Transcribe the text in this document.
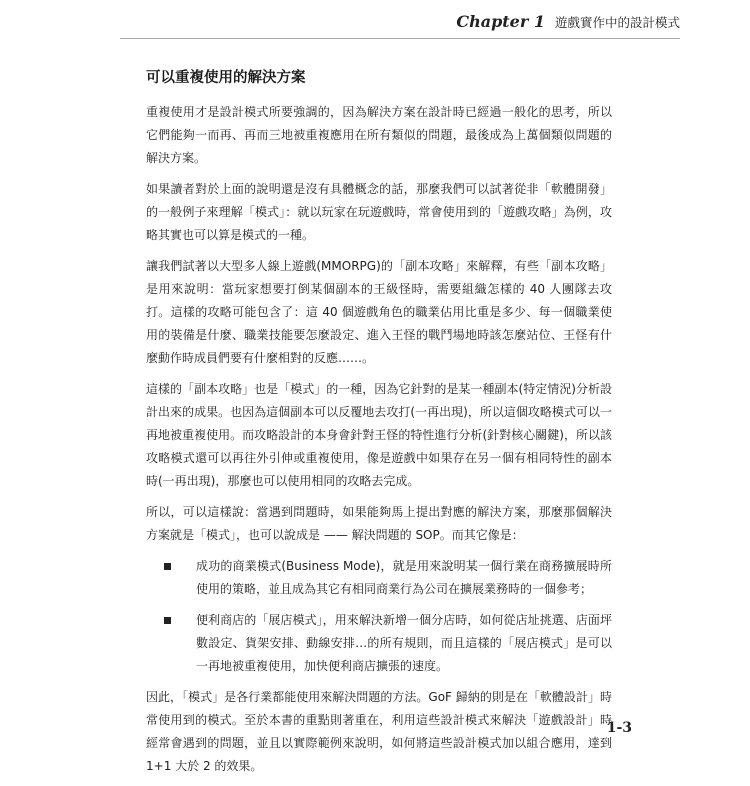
Chapter 1 遊戲實作中的設計模式
可以重複使用的解決方案

重複使用才是設計模式所要強調的，因為解決方案在設計時已經過一般化的思考，所以它們能夠一而再、再而三地被重複應用在所有類似的問題，最後成為上萬個類似問題的解決方案。

如果讀者對於上面的說明還是沒有具體概念的話，那麼我們可以試著從非「軟體開發」的一般例子來理解「模式」：就以玩家在玩遊戲時，常會使用到的「遊戲攻略」為例，攻略其實也可以算是模式的一種。

讓我們試著以大型多人線上遊戲(MMORPG)的「副本攻略」來解釋，有些「副本攻略」是用來說明：當玩家想要打倒某個副本的王級怪時，需要組織怎樣的 40 人團隊去攻打。這樣的攻略可能包含了：這 40 個遊戲角色的職業佔用比重是多少、每一個職業使用的裝備是什麼、職業技能要怎麼設定、進入王怪的戰鬥場地時該怎麼站位、王怪有什麼動作時成員們要有什麼相對的反應……。

這樣的「副本攻略」也是「模式」的一種，因為它針對的是某一種副本(特定情況)分析設計出來的成果。也因為這個副本可以反覆地去攻打(一再出現)，所以這個攻略模式可以一再地被重複使用。而攻略設計的本身會針對王怪的特性進行分析(針對核心關鍵)，所以該攻略模式還可以再往外引伸或重複使用，像是遊戲中如果存在另一個有相同特性的副本時(一再出現)，那麼也可以使用相同的攻略去完成。

所以，可以這樣說：當遇到問題時，如果能夠馬上提出對應的解決方案，那麼那個解決方案就是「模式」，也可以說成是 —— 解決問題的 SOP。而其它像是：

成功的商業模式(Business Mode)，就是用來說明某一個行業在商務擴展時所使用的策略，並且成為其它有相同商業行為公司在擴展業務時的一個參考；
便利商店的「展店模式」，用來解決新增一個分店時，如何從店址挑選、店面坪數設定、貨架安排、動線安排…的所有規則，而且這樣的「展店模式」是可以一再地被重複使用，加快便利商店擴張的速度。

因此，「模式」是各行業都能使用來解決問題的方法。GoF 歸納的則是在「軟體設計」時常使用到的模式。至於本書的重點則著重在，利用這些設計模式來解決「遊戲設計」時經常會遇到的問題，並且以實際範例來說明，如何將這些設計模式加以組合應用，達到 1+1 大於 2 的效果。

1-3
